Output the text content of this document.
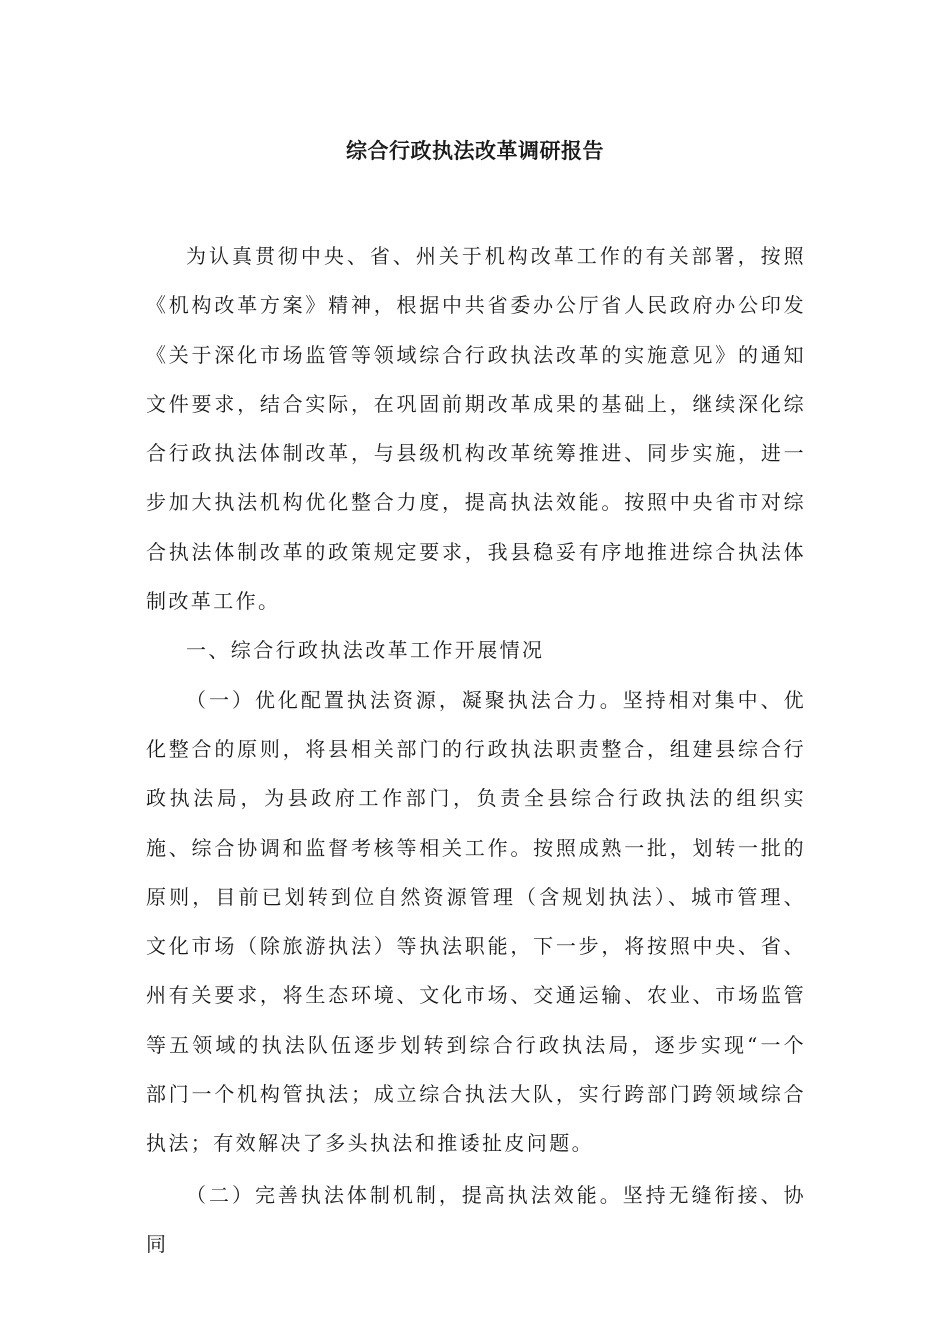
综合行政执法改革调研报告

为认真贯彻中央、省、州关于机构改革工作的有关部署，按照《机构改革方案》精神，根据中共省委办公厅省人民政府办公印发《关于深化市场监管等领域综合行政执法改革的实施意见》的通知文件要求，结合实际，在巩固前期改革成果的基础上，继续深化综合行政执法体制改革，与县级机构改革统筹推进、同步实施，进一步加大执法机构优化整合力度，提高执法效能。按照中央省市对综合执法体制改革的政策规定要求，我县稳妥有序地推进综合执法体制改革工作。

一、综合行政执法改革工作开展情况

（一）优化配置执法资源，凝聚执法合力。坚持相对集中、优化整合的原则，将县相关部门的行政执法职责整合，组建县综合行政执法局，为县政府工作部门，负责全县综合行政执法的组织实施、综合协调和监督考核等相关工作。按照成熟一批，划转一批的原则，目前已划转到位自然资源管理（含规划执法）、城市管理、文化市场（除旅游执法）等执法职能，下一步，将按照中央、省、州有关要求，将生态环境、文化市场、交通运输、农业、市场监管等五领域的执法队伍逐步划转到综合行政执法局，逐步实现“一个部门一个机构管执法；成立综合执法大队，实行跨部门跨领域综合执法；有效解决了多头执法和推诿扯皮问题。

（二）完善执法体制机制，提高执法效能。坚持无缝衔接、协同
